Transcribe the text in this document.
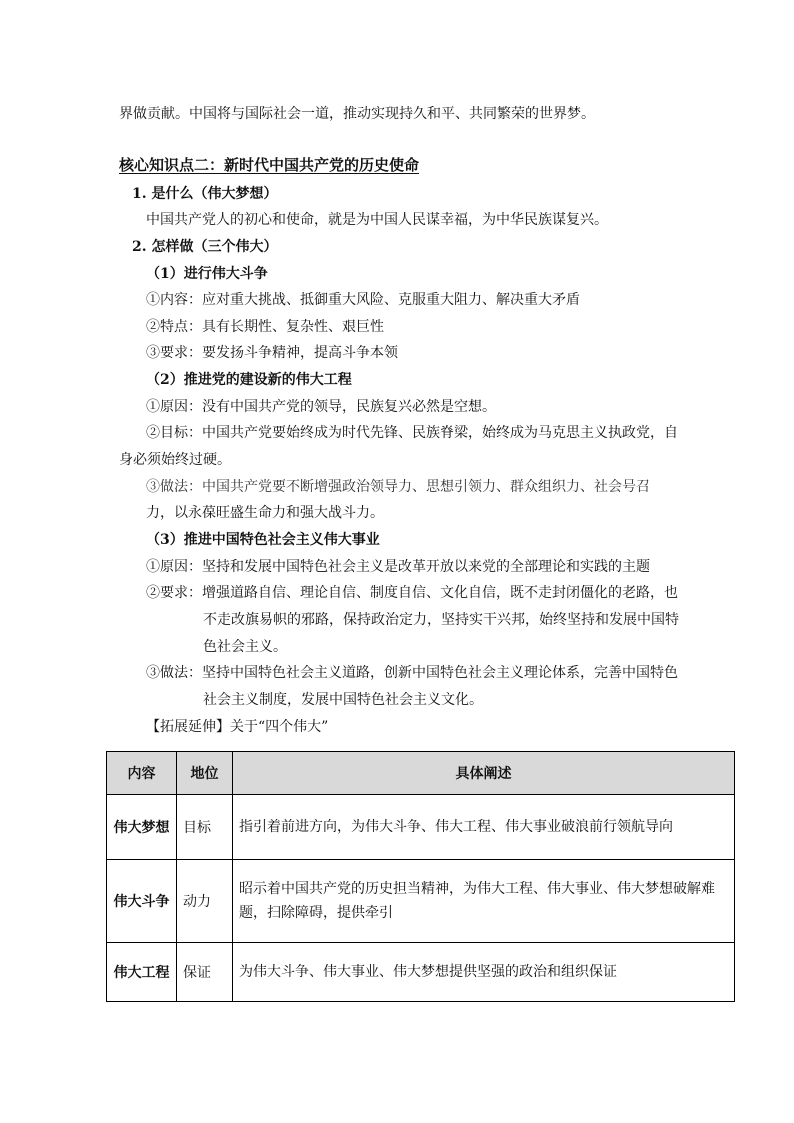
界做贡献。中国将与国际社会一道，推动实现持久和平、共同繁荣的世界梦。
核心知识点二：新时代中国共产党的历史使命
1. 是什么（伟大梦想）
中国共产党人的初心和使命，就是为中国人民谋幸福，为中华民族谋复兴。
2. 怎样做（三个伟大）
（1）进行伟大斗争
①内容：应对重大挑战、抵御重大风险、克服重大阻力、解决重大矛盾
②特点：具有长期性、复杂性、艰巨性
③要求：要发扬斗争精神，提高斗争本领
（2）推进党的建设新的伟大工程
①原因：没有中国共产党的领导，民族复兴必然是空想。
②目标：中国共产党要始终成为时代先锋、民族脊梁，始终成为马克思主义执政党，自
身必须始终过硬。
③做法：中国共产党要不断增强政治领导力、思想引领力、群众组织力、社会号召
力，以永葆旺盛生命力和强大战斗力。
（3）推进中国特色社会主义伟大事业
①原因：坚持和发展中国特色社会主义是改革开放以来党的全部理论和实践的主题
②要求：增强道路自信、理论自信、制度自信、文化自信，既不走封闭僵化的老路，也
不走改旗易帜的邪路，保持政治定力，坚持实干兴邦，始终坚持和发展中国特
色社会主义。
③做法：坚持中国特色社会主义道路，创新中国特色社会主义理论体系，完善中国特色
社会主义制度，发展中国特色社会主义文化。
【拓展延伸】关于“四个伟大”
内容	地位	具体阐述
伟大梦想	目标	指引着前进方向，为伟大斗争、伟大工程、伟大事业破浪前行领航导向
伟大斗争	动力	昭示着中国共产党的历史担当精神，为伟大工程、伟大事业、伟大梦想破解难题，扫除障碍，提供牵引
伟大工程	保证	为伟大斗争、伟大事业、伟大梦想提供坚强的政治和组织保证
